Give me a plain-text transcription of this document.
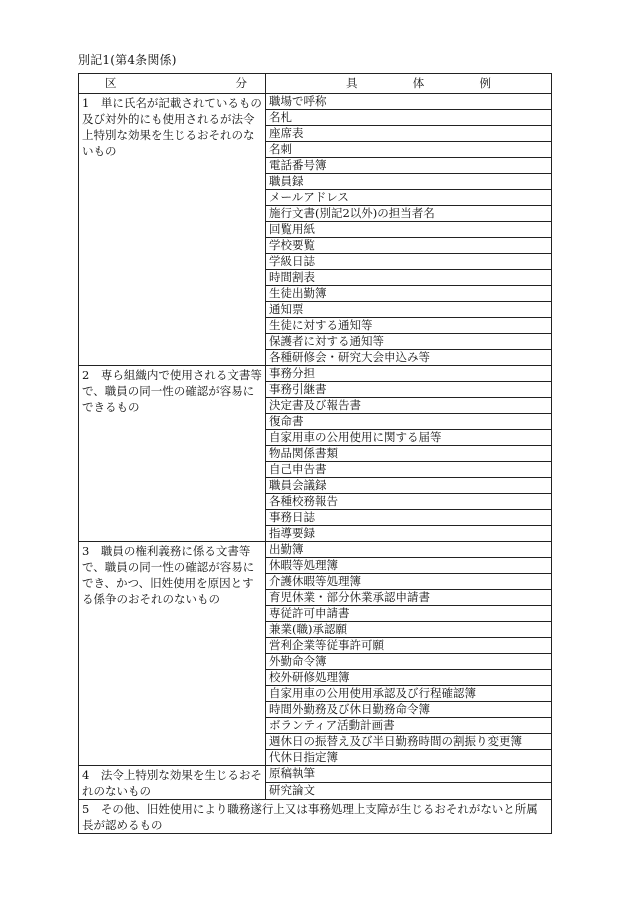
別記1(第4条関係)
区 分	具 体 例

1　単に氏名が記載されているもの及び対外的にも使用されるが法令上特別な効果を生じるおそれのないもの	職場で呼称
	名札
	座席表
	名刺
	電話番号簿
	職員録
	メールアドレス
	施行文書(別記2以外)の担当者名
	回覧用紙
	学校要覧
	学級日誌
	時間割表
	生徒出勤簿
	通知票
	生徒に対する通知等
	保護者に対する通知等
	各種研修会・研究大会申込み等
2　専ら組織内で使用される文書等で、職員の同一性の確認が容易にできるもの	事務分担
	事務引継書
	決定書及び報告書
	復命書
	自家用車の公用使用に関する届等
	物品関係書類
	自己申告書
	職員会議録
	各種校務報告
	事務日誌
	指導要録
3　職員の権利義務に係る文書等で、職員の同一性の確認が容易にでき、かつ、旧姓使用を原因とする係争のおそれのないもの	出勤簿
	休暇等処理簿
	介護休暇等処理簿
	育児休業・部分休業承認申請書
	専従許可申請書
	兼業(職)承認願
	営利企業等従事許可願
	外勤命令簿
	校外研修処理簿
	自家用車の公用使用承認及び行程確認簿
	時間外勤務及び休日勤務命令簿
	ボランティア活動計画書
	週休日の振替え及び半日勤務時間の割振り変更簿
	代休日指定簿
4　法令上特別な効果を生じるおそれのないもの	原稿執筆
	研究論文
5　その他、旧姓使用により職務遂行上又は事務処理上支障が生じるおそれがないと所属長が認めるもの	
